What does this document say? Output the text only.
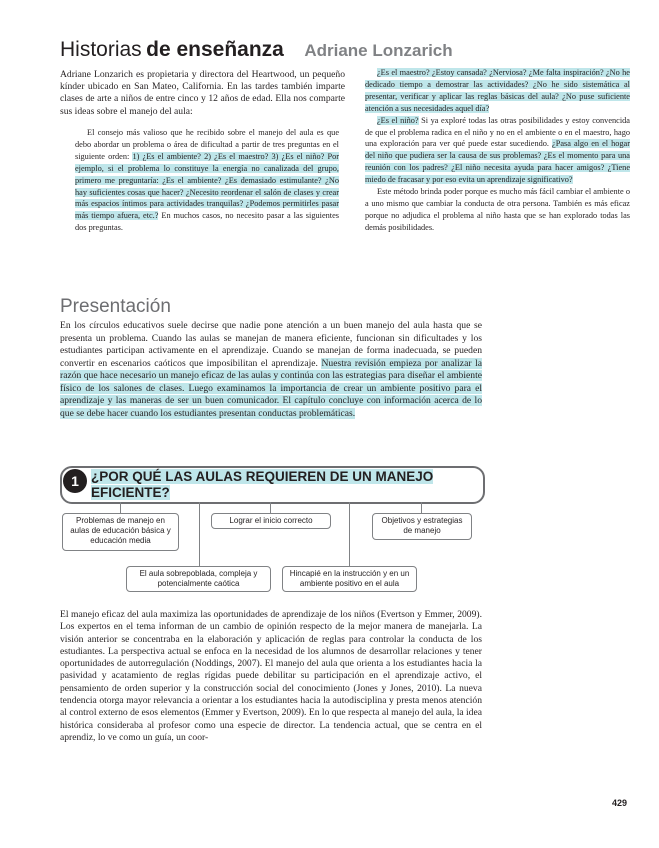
Historias de enseñanza Adriane Lonzarich
Adriane Lonzarich es propietaria y directora del Heartwood, un pequeño kínder ubicado en San Mateo, California. En las tardes también imparte clases de arte a niños de entre cinco y 12 años de edad. Ella nos comparte sus ideas sobre el manejo del aula:

El consejo más valioso que he recibido sobre el manejo del aula es que debo abordar un problema o área de dificultad a partir de tres preguntas en el siguiente orden: 1) ¿Es el ambiente? 2) ¿Es el maestro? 3) ¿Es el niño? Por ejemplo, si el problema lo constituye la energía no canalizada del grupo, primero me preguntaría: ¿Es el ambiente? ¿Es demasiado estimulante? ¿No hay suficientes cosas que hacer? ¿Necesito reordenar el salón de clases y crear más espacios íntimos para actividades tranquilas? ¿Podemos permitirles pasar más tiempo afuera, etc.? En muchos casos, no necesito pasar a las siguientes dos preguntas.

¿Es el maestro? ¿Estoy cansada? ¿Nerviosa? ¿Me falta inspiración? ¿No he dedicado tiempo a demostrar las actividades? ¿No he sido sistemática al presentar, verificar y aplicar las reglas básicas del aula? ¿No puse suficiente atención a sus necesidades aquel día?

¿Es el niño? Si ya exploré todas las otras posibilidades y estoy convencida de que el problema radica en el niño y no en el ambiente o en el maestro, hago una exploración para ver qué puede estar sucediendo. ¿Pasa algo en el hogar del niño que pudiera ser la causa de sus problemas? ¿Es el momento para una reunión con los padres? ¿El niño necesita ayuda para hacer amigos? ¿Tiene miedo de fracasar y por eso evita un aprendizaje significativo?

Este método brinda poder porque es mucho más fácil cambiar el ambiente o a uno mismo que cambiar la conducta de otra persona. También es más eficaz porque no adjudica el problema al niño hasta que se han explorado todas las demás posibilidades.

Presentación
En los círculos educativos suele decirse que nadie pone atención a un buen manejo del aula hasta que se presenta un problema. Cuando las aulas se manejan de manera eficiente, funcionan sin dificultades y los estudiantes participan activamente en el aprendizaje. Cuando se manejan de forma inadecuada, se pueden convertir en escenarios caóticos que imposibilitan el aprendizaje. Nuestra revisión empieza por analizar la razón que hace necesario un manejo eficaz de las aulas y continúa con las estrategias para diseñar el ambiente físico de los salones de clases. Luego examinamos la importancia de crear un ambiente positivo para el aprendizaje y las maneras de ser un buen comunicador. El capítulo concluye con información acerca de lo que se debe hacer cuando los estudiantes presentan conductas problemáticas.
1 ¿POR QUÉ LAS AULAS REQUIEREN DE UN MANEJO EFICIENTE?
Problemas de manejo en aulas de educación básica y educación media
Lograr el inicio correcto	Objetivos y estrategias de manejo
El aula sobrepoblada, compleja y potencialmente caótica
Hincapié en la instrucción y en un ambiente positivo en el aula
El manejo eficaz del aula maximiza las oportunidades de aprendizaje de los niños (Evertson y Emmer, 2009). Los expertos en el tema informan de un cambio de opinión respecto de la mejor manera de manejarla. La visión anterior se concentraba en la elaboración y aplicación de reglas para controlar la conducta de los estudiantes. La perspectiva actual se enfoca en la necesidad de los alumnos de desarrollar relaciones y tener oportunidades de autorregulación (Noddings, 2007). El manejo del aula que orienta a los estudiantes hacia la pasividad y acatamiento de reglas rígidas puede debilitar su participación en el aprendizaje activo, el pensamiento de orden superior y la construcción social del conocimiento (Jones y Jones, 2010). La nueva tendencia otorga mayor relevancia a orientar a los estudiantes hacia la autodisciplina y presta menos atención al control externo de esos elementos (Emmer y Evertson, 2009). En lo que respecta al manejo del aula, la idea histórica consideraba al profesor como una especie de director. La tendencia actual, que se centra en el aprendiz, lo ve como un guía, un coor-
429
